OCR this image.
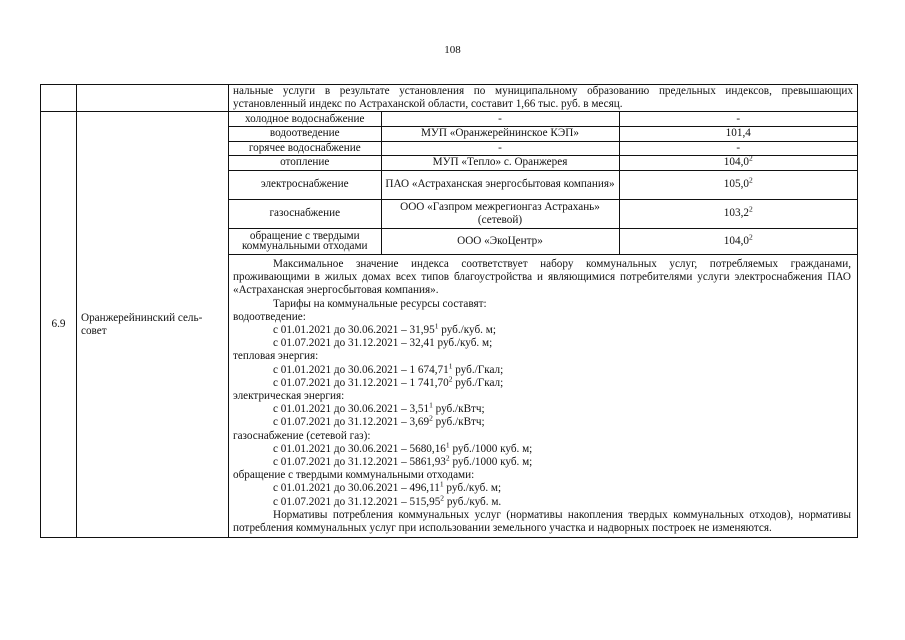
108
		нальные услуги в результате установления по муниципальному образованию предельных индексов, превышающих установленный индекс по Астраханской области, составит 1,66 тыс. руб. в месяц.
6.9	Оранжерейнинский сель-совет	
холодное водоснабжение	-	-
водоотведение	МУП «Оранжерейнинское КЭП»	101,4
горячее водоснабжение	-	-
отопление	МУП «Тепло» с. Оранжерея	104,0$^2$
электроснабжение	ПАО «Астраханская энергосбытовая компания»	105,0$^2$
газоснабжение	ООО «Газпром межрегионгаз Астрахань» (сетевой)	103,2$^2$
обращение с твердыми коммунальными отходами	ООО «ЭкоЦентр»	104,0$^2$

Максимальное значение индекса соответствует набору коммунальных услуг, потребляемых гражданами, проживающими в жилых домах всех типов благоустройства и являющимися потребителями услуги электроснабжения ПАО «Астраханская энергосбытовая компания».

Тарифы на коммунальные ресурсы составят:

водоотведение:

с 01.01.2021 до 30.06.2021 – 31,95$^1$ руб./куб. м;

с 01.07.2021 до 31.12.2021 – 32,41 руб./куб. м;

тепловая энергия:

с 01.01.2021 до 30.06.2021 – 1 674,71$^1$ руб./Гкал;

с 01.07.2021 до 31.12.2021 – 1 741,70$^2$ руб./Гкал;

электрическая энергия:

с 01.01.2021 до 30.06.2021 – 3,51$^1$ руб./кВтч;

с 01.07.2021 до 31.12.2021 – 3,69$^2$ руб./кВтч;

газоснабжение (сетевой газ):

с 01.01.2021 до 30.06.2021 – 5680,16$^1$ руб./1000 куб. м;

с 01.07.2021 до 31.12.2021 – 5861,93$^2$ руб./1000 куб. м;

обращение с твердыми коммунальными отходами:

с 01.01.2021 до 30.06.2021 – 496,11$^1$ руб./куб. м;

с 01.07.2021 до 31.12.2021 – 515,95$^2$ руб./куб. м.

Нормативы потребления коммунальных услуг (нормативы накопления твердых коммунальных отходов), нормативы потребления коммунальных услуг при использовании земельного участка и надворных построек не изменяются.
